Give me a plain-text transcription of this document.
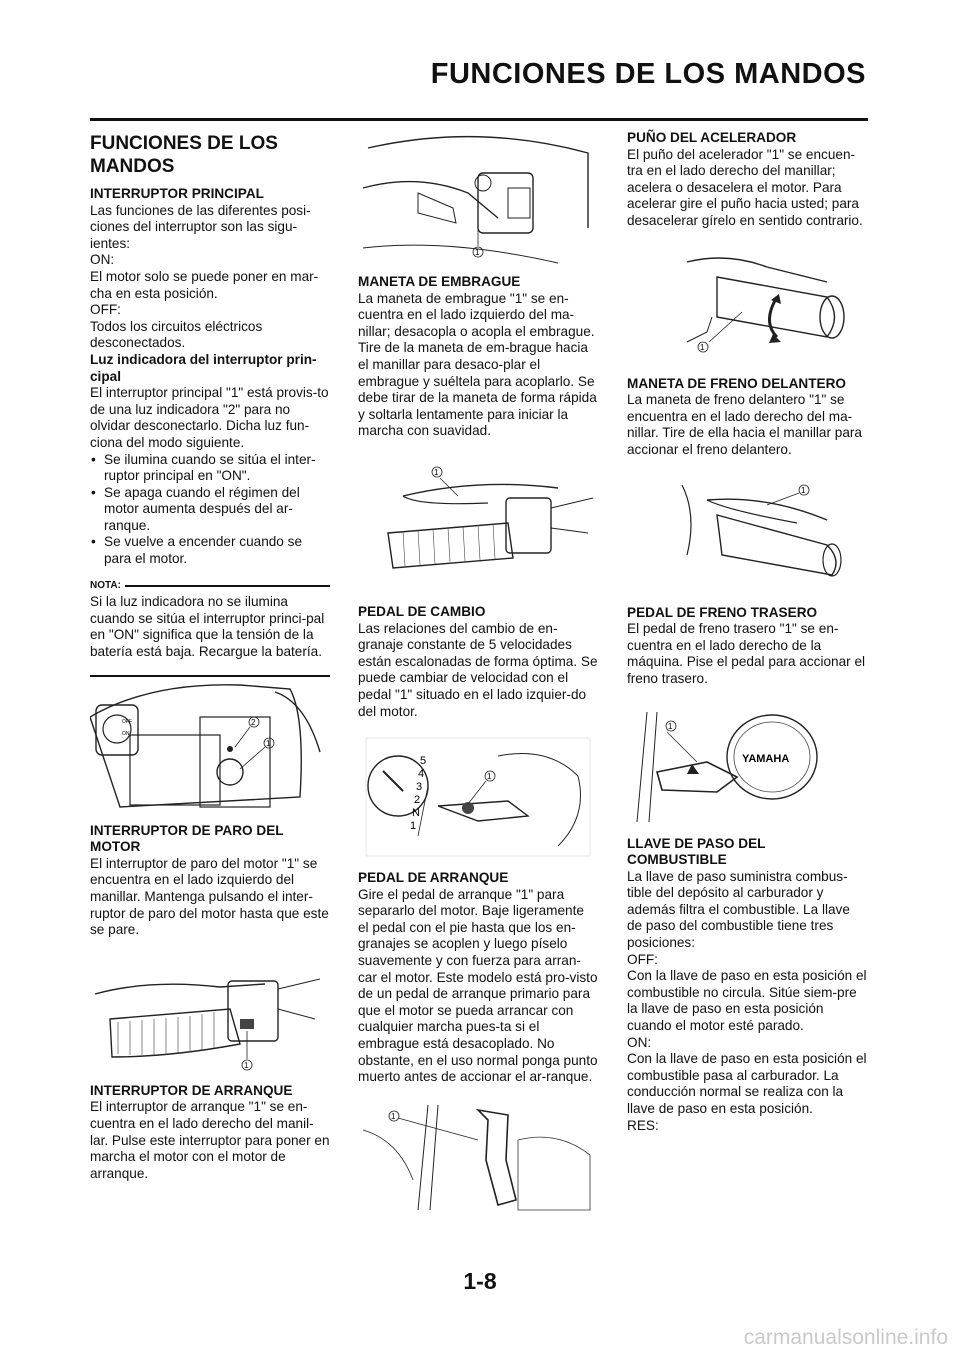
FUNCIONES DE LOS MANDOS
FUNCIONES DE LOS MANDOS

INTERRUPTOR PRINCIPAL

Las funciones de las diferentes posi-ciones del interruptor son las sigu-ientes:

ON:

El motor solo se puede poner en mar-cha en esta posición.

OFF:

Todos los circuitos eléctricos desconectados.

Luz indicadora del interruptor prin-cipal

El interruptor principal "1" está provis-to de una luz indicadora "2" para no olvidar desconectarlo. Dicha luz fun-ciona del modo siguiente.

• Se ilumina cuando se sitúa el inter-ruptor principal en "ON".
• Se apaga cuando el régimen del motor aumenta después del ar-ranque.
• Se vuelve a encender cuando se para el motor.
NOTA:

Si la luz indicadora no se ilumina cuando se sitúa el interruptor princi-pal en "ON" significa que la tensión de la batería está baja. Recargue la batería.

OFF
ON
2
1

INTERRUPTOR DE PARO DEL MOTOR

El interruptor de paro del motor "1" se encuentra en el lado izquierdo del manillar. Mantenga pulsando el inter-ruptor de paro del motor hasta que este se pare.

1

INTERRUPTOR DE ARRANQUE

El interruptor de arranque "1" se en-cuentra en el lado derecho del manil-lar. Pulse este interruptor para poner en marcha el motor con el motor de arranque.

1

MANETA DE EMBRAGUE

La maneta de embrague "1" se en-cuentra en el lado izquierdo del ma-nillar; desacopla o acopla el embrague. Tire de la maneta de em-brague hacia el manillar para desaco-plar el embrague y suéltela para acoplarlo. Se debe tirar de la maneta de forma rápida y soltarla lentamente para iniciar la marcha con suavidad.

1

PEDAL DE CAMBIO

Las relaciones del cambio de en-granaje constante de 5 velocidades están escalonadas de forma óptima. Se puede cambiar de velocidad con el pedal "1" situado en el lado izquier-do del motor.

5
4
3
2
N
1
1

PEDAL DE ARRANQUE

Gire el pedal de arranque "1" para separarlo del motor. Baje ligeramente el pedal con el pie hasta que los en-granajes se acoplen y luego píselo suavemente y con fuerza para arran-car el motor. Este modelo está pro-visto de un pedal de arranque primario para que el motor se pueda arrancar con cualquier marcha pues-ta si el embrague está desacoplado. No obstante, en el uso normal ponga punto muerto antes de accionar el ar-ranque.

1

PUÑO DEL ACELERADOR

El puño del acelerador "1" se encuen-tra en el lado derecho del manillar; acelera o desacelera el motor. Para acelerar gire el puño hacia usted; para desacelerar gírelo en sentido contrario.

1

MANETA DE FRENO DELANTERO

La maneta de freno delantero "1" se encuentra en el lado derecho del ma-nillar. Tire de ella hacia el manillar para accionar el freno delantero.

1

PEDAL DE FRENO TRASERO

El pedal de freno trasero "1" se en-cuentra en el lado derecho de la máquina. Pise el pedal para accionar el freno trasero.

YAMAHA
1

LLAVE DE PASO DEL COMBUSTIBLE

La llave de paso suministra combus-tible del depósito al carburador y además filtra el combustible. La llave de paso del combustible tiene tres posiciones:

OFF:

Con la llave de paso en esta posición el combustible no circula. Sitúe siem-pre la llave de paso en esta posición cuando el motor esté parado.

ON:

Con la llave de paso en esta posición el combustible pasa al carburador. La conducción normal se realiza con la llave de paso en esta posición.

RES:

1-8
carmanualsonline.info
